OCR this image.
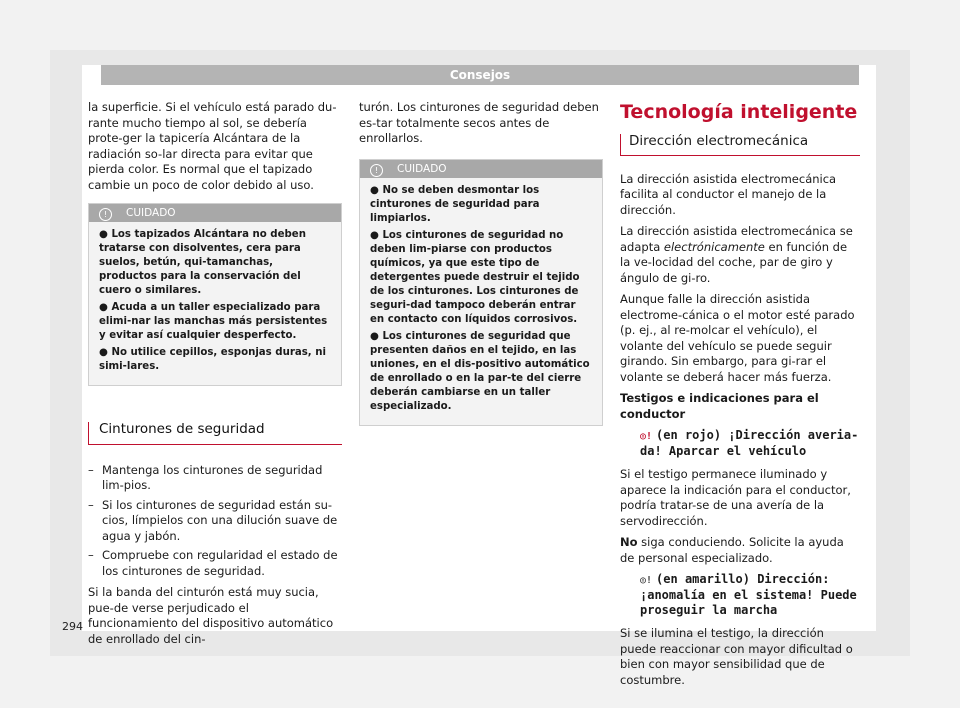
Consejos

la superficie. Si el vehículo está parado du-rante mucho tiempo al sol, se debería prote-ger la tapicería Alcántara de la radiación so-lar directa para evitar que pierda color. Es normal que el tapizado cambie un poco de color debido al uso.

! CUIDADO
● Los tapizados Alcántara no deben tratarse con disolventes, cera para suelos, betún, qui-tamanchas, productos para la conservación del cuero o similares.
● Acuda a un taller especializado para elimi-nar las manchas más persistentes y evitar así cualquier desperfecto.
● No utilice cepillos, esponjas duras, ni simi-lares.
Cinturones de seguridad
– Mantenga los cinturones de seguridad lim-pios.
– Si los cinturones de seguridad están su-cios, límpielos con una dilución suave de agua y jabón.
– Compruebe con regularidad el estado de los cinturones de seguridad.

Si la banda del cinturón está muy sucia, pue-de verse perjudicado el funcionamiento del dispositivo automático de enrollado del cin-

turón. Los cinturones de seguridad deben es-tar totalmente secos antes de enrollarlos.

! CUIDADO
● No se deben desmontar los cinturones de seguridad para limpiarlos.
● Los cinturones de seguridad no deben lim-piarse con productos químicos, ya que este tipo de detergentes puede destruir el tejido de los cinturones. Los cinturones de seguri-dad tampoco deberán entrar en contacto con líquidos corrosivos.
● Los cinturones de seguridad que presenten daños en el tejido, en las uniones, en el dis-positivo automático de enrollado o en la par-te del cierre deberán cambiarse en un taller especializado.
Tecnología inteligente
Dirección electromecánica

La dirección asistida electromecánica facilita al conductor el manejo de la dirección.

La dirección asistida electromecánica se adapta electrónicamente en función de la ve-locidad del coche, par de giro y ángulo de gi-ro.

Aunque falle la dirección asistida electrome-cánica o el motor esté parado (p. ej., al re-molcar el vehículo), el volante del vehículo se puede seguir girando. Sin embargo, para gi-rar el volante se deberá hacer más fuerza.

Testigos e indicaciones para el conductor

◎! (en rojo) ¡Dirección averia-da! Aparcar el vehículo

Si el testigo permanece iluminado y aparece la indicación para el conductor, podría tratar-se de una avería de la servodirección.

No siga conduciendo. Solicite la ayuda de personal especializado.

◎! (en amarillo) Dirección: ¡anomalía en el sistema! Puede proseguir la marcha

Si se ilumina el testigo, la dirección puede reaccionar con mayor dificultad o bien con mayor sensibilidad que de costumbre.

294
